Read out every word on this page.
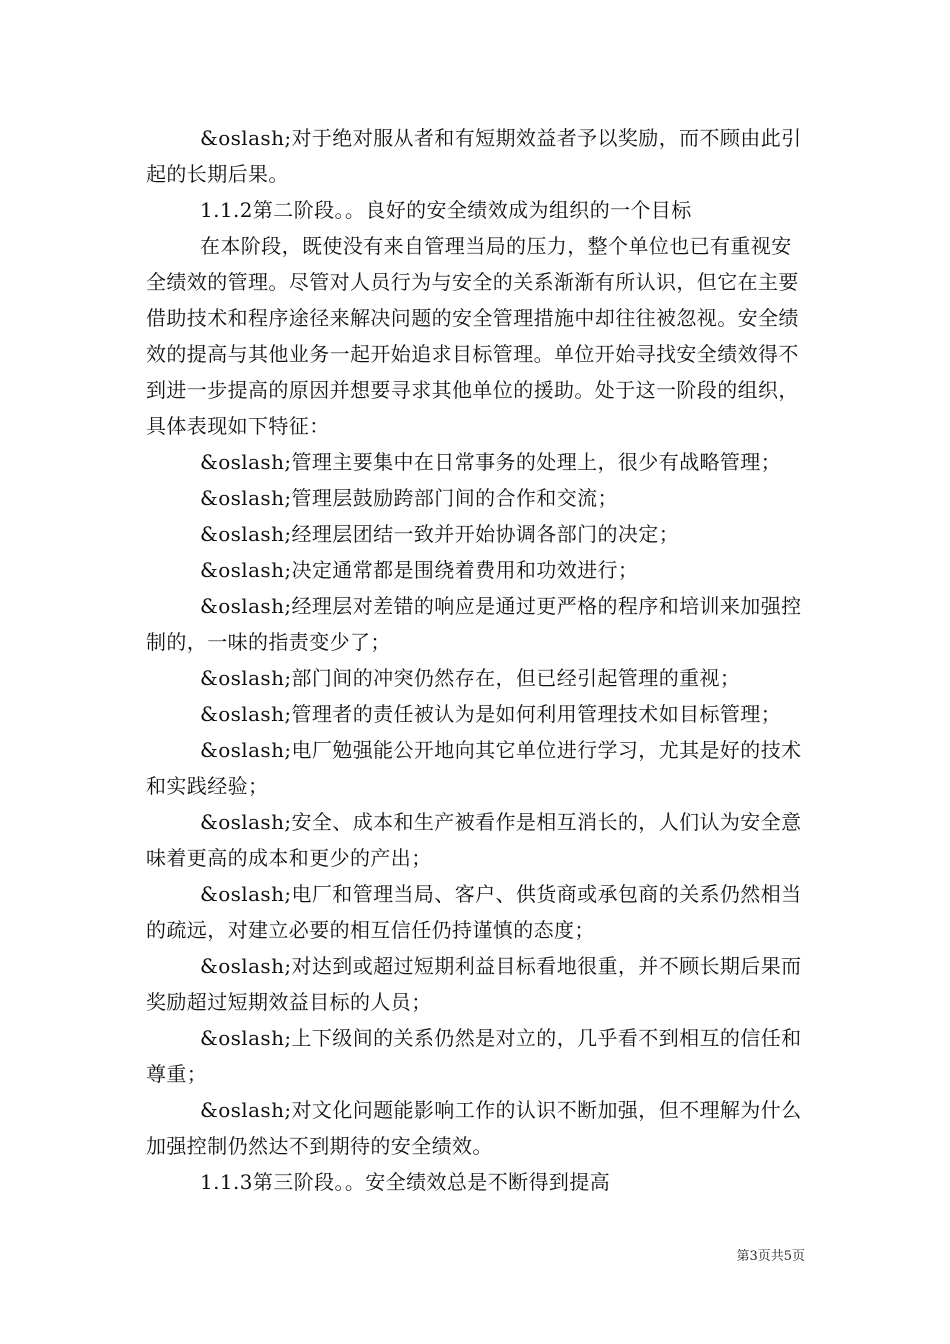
&oslash;对于绝对服从者和有短期效益者予以奖励，而不顾由此引起的长期后果。

1.1.2第二阶段。。良好的安全绩效成为组织的一个目标

在本阶段，既使没有来自管理当局的压力，整个单位也已有重视安全绩效的管理。尽管对人员行为与安全的关系渐渐有所认识，但它在主要借助技术和程序途径来解决问题的安全管理措施中却往往被忽视。安全绩效的提高与其他业务一起开始追求目标管理。单位开始寻找安全绩效得不到进一步提高的原因并想要寻求其他单位的援助。处于这一阶段的组织，具体表现如下特征：

&oslash;管理主要集中在日常事务的处理上，很少有战略管理；

&oslash;管理层鼓励跨部门间的合作和交流；

&oslash;经理层团结一致并开始协调各部门的决定；

&oslash;决定通常都是围绕着费用和功效进行；

&oslash;经理层对差错的响应是通过更严格的程序和培训来加强控制的，一味的指责变少了；

&oslash;部门间的冲突仍然存在，但已经引起管理的重视；

&oslash;管理者的责任被认为是如何利用管理技术如目标管理；

&oslash;电厂勉强能公开地向其它单位进行学习，尤其是好的技术和实践经验；

&oslash;安全、成本和生产被看作是相互消长的，人们认为安全意味着更高的成本和更少的产出；

&oslash;电厂和管理当局、客户、供货商或承包商的关系仍然相当的疏远，对建立必要的相互信任仍持谨慎的态度；

&oslash;对达到或超过短期利益目标看地很重，并不顾长期后果而奖励超过短期效益目标的人员；

&oslash;上下级间的关系仍然是对立的，几乎看不到相互的信任和尊重；

&oslash;对文化问题能影响工作的认识不断加强，但不理解为什么加强控制仍然达不到期待的安全绩效。

1.1.3第三阶段。。安全绩效总是不断得到提高

第3页共5页
